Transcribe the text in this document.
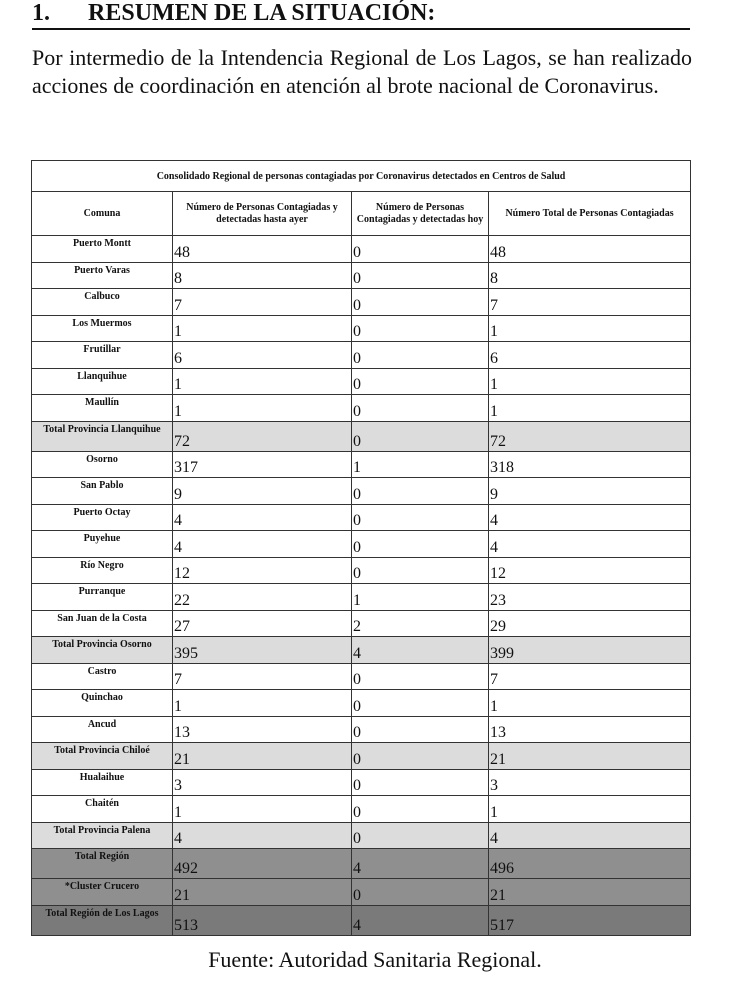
1. RESUMEN DE LA SITUACIÓN:

Por intermedio de la Intendencia Regional de Los Lagos, se han realizado acciones de coordinación en atención al brote nacional de Coronavirus.

Consolidado Regional de personas contagiadas por Coronavirus detectados en Centros de Salud			
Comuna	Número de Personas Contagiadas y detectadas hasta ayer	Número de Personas Contagiadas y detectadas hoy	Número Total de Personas Contagiadas
Puerto Montt	48	0	48
Puerto Varas	8	0	8
Calbuco	7	0	7
Los Muermos	1	0	1
Frutillar	6	0	6
Llanquihue	1	0	1
Maullín	1	0	1
Total Provincia Llanquihue	72	0	72
Osorno	317	1	318
San Pablo	9	0	9
Puerto Octay	4	0	4
Puyehue	4	0	4
Río Negro	12	0	12
Purranque	22	1	23
San Juan de la Costa	27	2	29
Total Provincia Osorno	395	4	399
Castro	7	0	7
Quinchao	1	0	1
Ancud	13	0	13
Total Provincia Chiloé	21	0	21
Hualaihue	3	0	3
Chaitén	1	0	1
Total Provincia Palena	4	0	4
Total Región	492	4	496
*Cluster Crucero	21	0	21
Total Región de Los Lagos	513	4	517
Fuente: Autoridad Sanitaria Regional.
